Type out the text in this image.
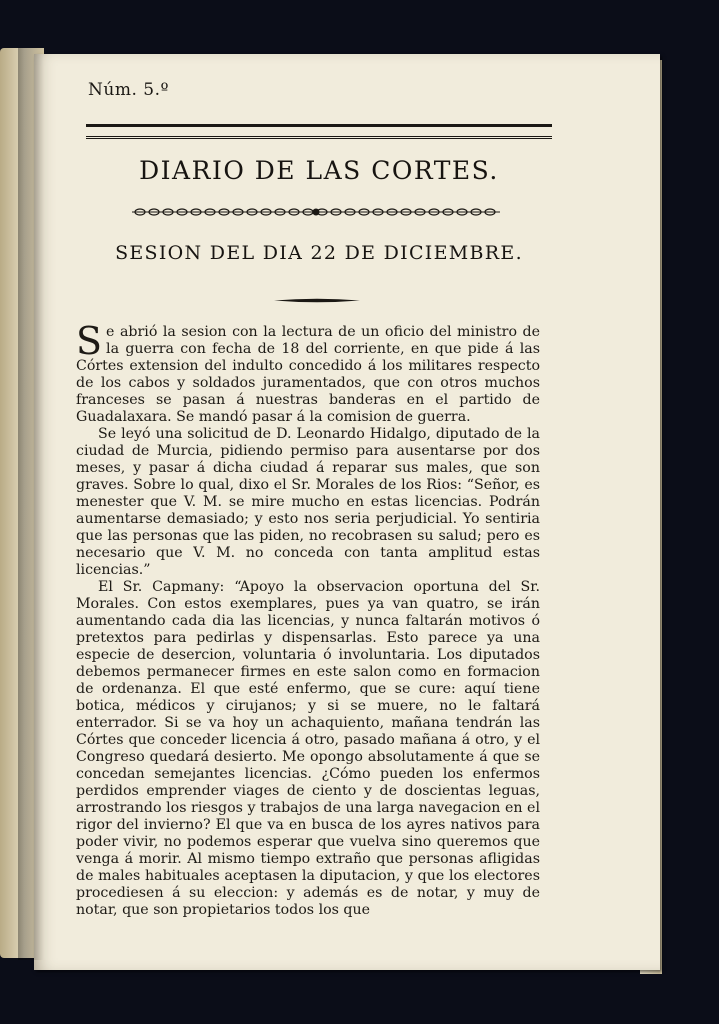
Núm. 5.º
DIARIO DE LAS CORTES.
SESION DEL DIA 22 DE DICIEMBRE.

Se abrió la sesion con la lectura de un oficio del ministro de la guerra con fecha de 18 del corriente, en que pide á las Córtes extension del indulto concedido á los militares respecto de los cabos y soldados juramentados, que con otros muchos franceses se pasan á nuestras banderas en el partido de Guadalaxara. Se mandó pasar á la comision de guerra.

Se leyó una solicitud de D. Leonardo Hidalgo, diputado de la ciudad de Murcia, pidiendo permiso para ausentarse por dos meses, y pasar á dicha ciudad á reparar sus males, que son graves. Sobre lo qual, dixo el Sr. Morales de los Rios: “Señor, es menester que V. M. se mire mucho en estas licencias. Podrán aumentarse demasiado; y esto nos seria perjudicial. Yo sentiria que las personas que las piden, no recobrasen su salud; pero es necesario que V. M. no conceda con tanta amplitud estas licencias.”

El Sr. Capmany: “Apoyo la observacion oportuna del Sr. Morales. Con estos exemplares, pues ya van quatro, se irán aumentando cada dia las licencias, y nunca faltarán motivos ó pretextos para pedirlas y dispensarlas. Esto parece ya una especie de desercion, voluntaria ó involuntaria. Los diputados debemos permanecer firmes en este salon como en formacion de ordenanza. El que esté enfermo, que se cure: aquí tiene botica, médicos y cirujanos; y si se muere, no le faltará enterrador. Si se va hoy un achaquiento, mañana tendrán las Córtes que conceder licencia á otro, pasado mañana á otro, y el Congreso quedará desierto. Me opongo absolutamente á que se concedan semejantes licencias. ¿Cómo pueden los enfermos perdidos emprender viages de ciento y de doscientas leguas, arrostrando los riesgos y trabajos de una larga navegacion en el rigor del invierno? El que va en busca de los ayres nativos para poder vivir, no podemos esperar que vuelva sino queremos que venga á morir. Al mismo tiempo extraño que personas afligidas de males habituales aceptasen la diputacion, y que los electores procediesen á su eleccion: y además es de notar, y muy de notar, que son propietarios todos los que
